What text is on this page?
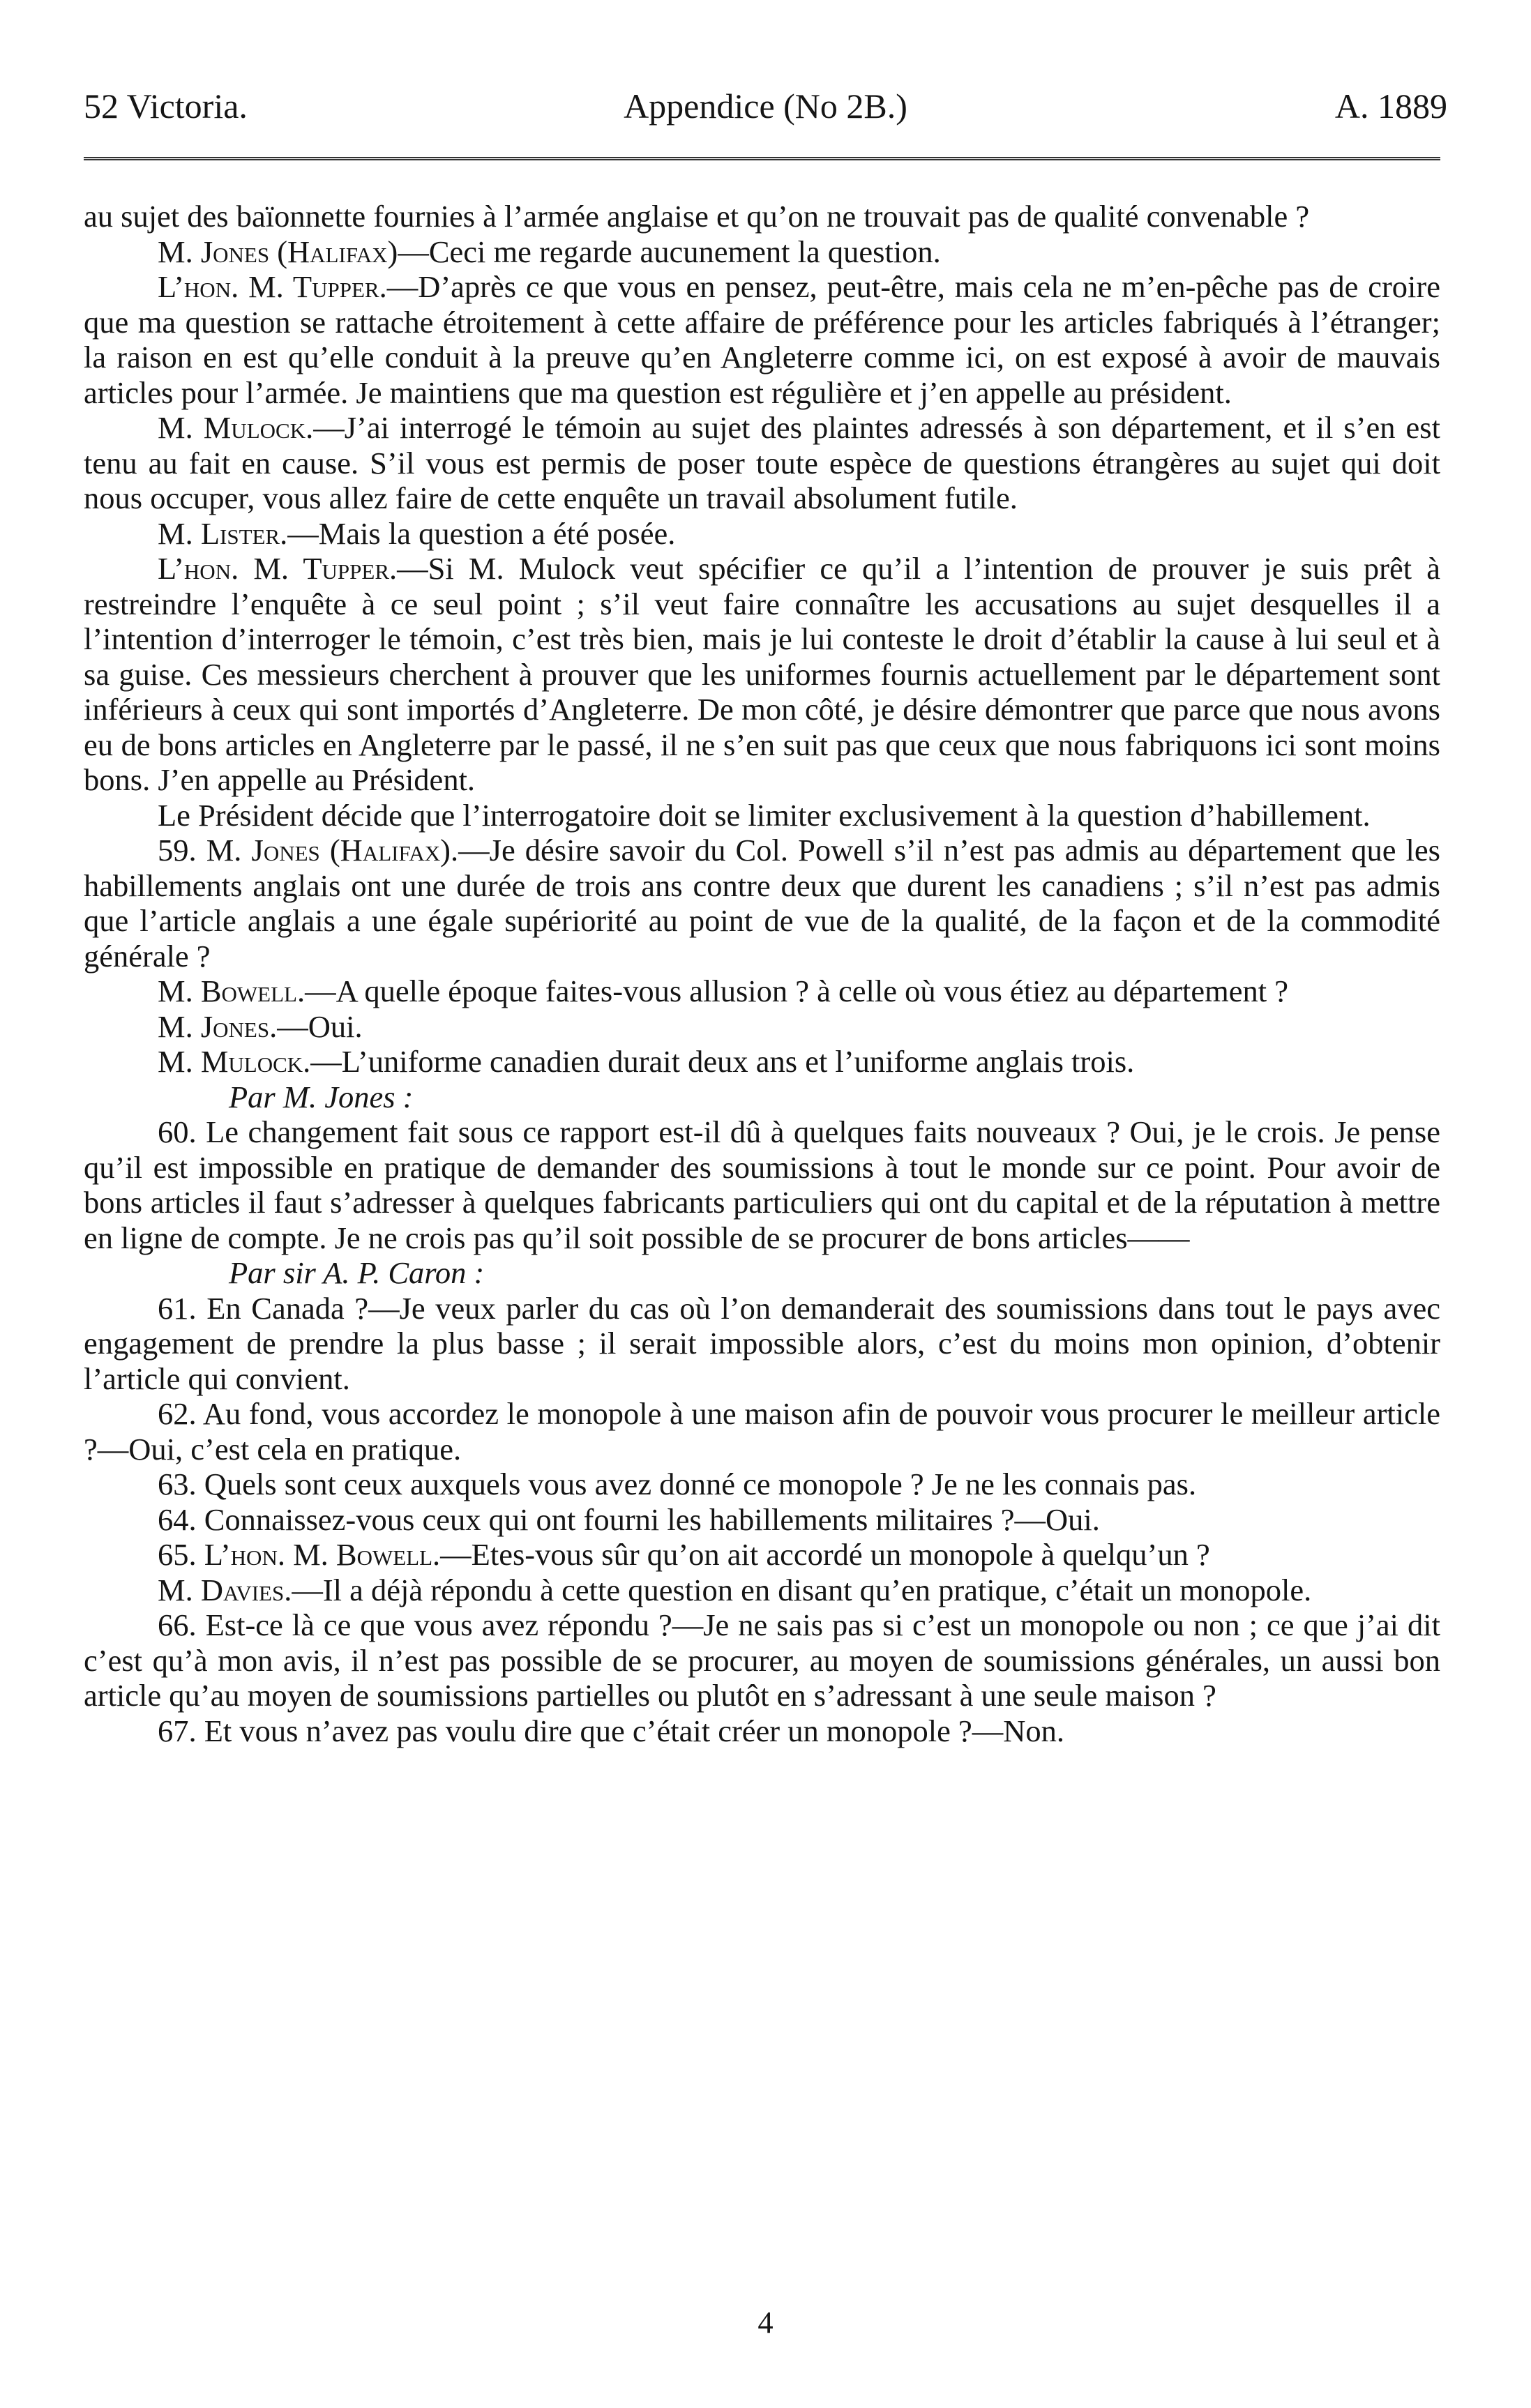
52 Victoria.	Appendice (No 2B.)	A. 1889

au sujet des baïonnette fournies à l’armée anglaise et qu’on ne trouvait pas de qualité convenable ?

M. Jones (Halifax)—Ceci me regarde aucunement la question.

L’hon. M. Tupper.—D’après ce que vous en pensez, peut-être, mais cela ne m’en-pêche pas de croire que ma question se rattache étroitement à cette affaire de préférence pour les articles fabriqués à l’étranger; la raison en est qu’elle conduit à la preuve qu’en Angleterre comme ici, on est exposé à avoir de mauvais articles pour l’armée. Je maintiens que ma question est régulière et j’en appelle au président.

M. Mulock.—J’ai interrogé le témoin au sujet des plaintes adressés à son département, et il s’en est tenu au fait en cause. S’il vous est permis de poser toute espèce de questions étrangères au sujet qui doit nous occuper, vous allez faire de cette enquête un travail absolument futile.

M. Lister.—Mais la question a été posée.

L’hon. M. Tupper.—Si M. Mulock veut spécifier ce qu’il a l’intention de prouver je suis prêt à restreindre l’enquête à ce seul point ; s’il veut faire connaître les accusations au sujet desquelles il a l’intention d’interroger le témoin, c’est très bien, mais je lui conteste le droit d’établir la cause à lui seul et à sa guise. Ces messieurs cherchent à prouver que les uniformes fournis actuellement par le département sont inférieurs à ceux qui sont importés d’Angleterre. De mon côté, je désire démontrer que parce que nous avons eu de bons articles en Angleterre par le passé, il ne s’en suit pas que ceux que nous fabriquons ici sont moins bons. J’en appelle au Président.

Le Président décide que l’interrogatoire doit se limiter exclusivement à la question d’habillement.

59. M. Jones (Halifax).—Je désire savoir du Col. Powell s’il n’est pas admis au département que les habillements anglais ont une durée de trois ans contre deux que durent les canadiens ; s’il n’est pas admis que l’article anglais a une égale supériorité au point de vue de la qualité, de la façon et de la commodité générale ?

M. Bowell.—A quelle époque faites-vous allusion ? à celle où vous étiez au département ?

M. Jones.—Oui.

M. Mulock.—L’uniforme canadien durait deux ans et l’uniforme anglais trois.

Par M. Jones :

60. Le changement fait sous ce rapport est-il dû à quelques faits nouveaux ? Oui, je le crois. Je pense qu’il est impossible en pratique de demander des soumissions à tout le monde sur ce point. Pour avoir de bons articles il faut s’adresser à quelques fabricants particuliers qui ont du capital et de la réputation à mettre en ligne de compte. Je ne crois pas qu’il soit possible de se procurer de bons articles——

Par sir A. P. Caron :

61. En Canada ?—Je veux parler du cas où l’on demanderait des soumissions dans tout le pays avec engagement de prendre la plus basse ; il serait impossible alors, c’est du moins mon opinion, d’obtenir l’article qui convient.

62. Au fond, vous accordez le monopole à une maison afin de pouvoir vous procurer le meilleur article ?—Oui, c’est cela en pratique.

63. Quels sont ceux auxquels vous avez donné ce monopole ? Je ne les connais pas.

64. Connaissez-vous ceux qui ont fourni les habillements militaires ?—Oui.

65. L’hon. M. Bowell.—Etes-vous sûr qu’on ait accordé un monopole à quelqu’un ?

M. Davies.—Il a déjà répondu à cette question en disant qu’en pratique, c’était un monopole.

66. Est-ce là ce que vous avez répondu ?—Je ne sais pas si c’est un monopole ou non ; ce que j’ai dit c’est qu’à mon avis, il n’est pas possible de se procurer, au moyen de soumissions générales, un aussi bon article qu’au moyen de soumissions partielles ou plutôt en s’adressant à une seule maison ?

67. Et vous n’avez pas voulu dire que c’était créer un monopole ?—Non.

4
